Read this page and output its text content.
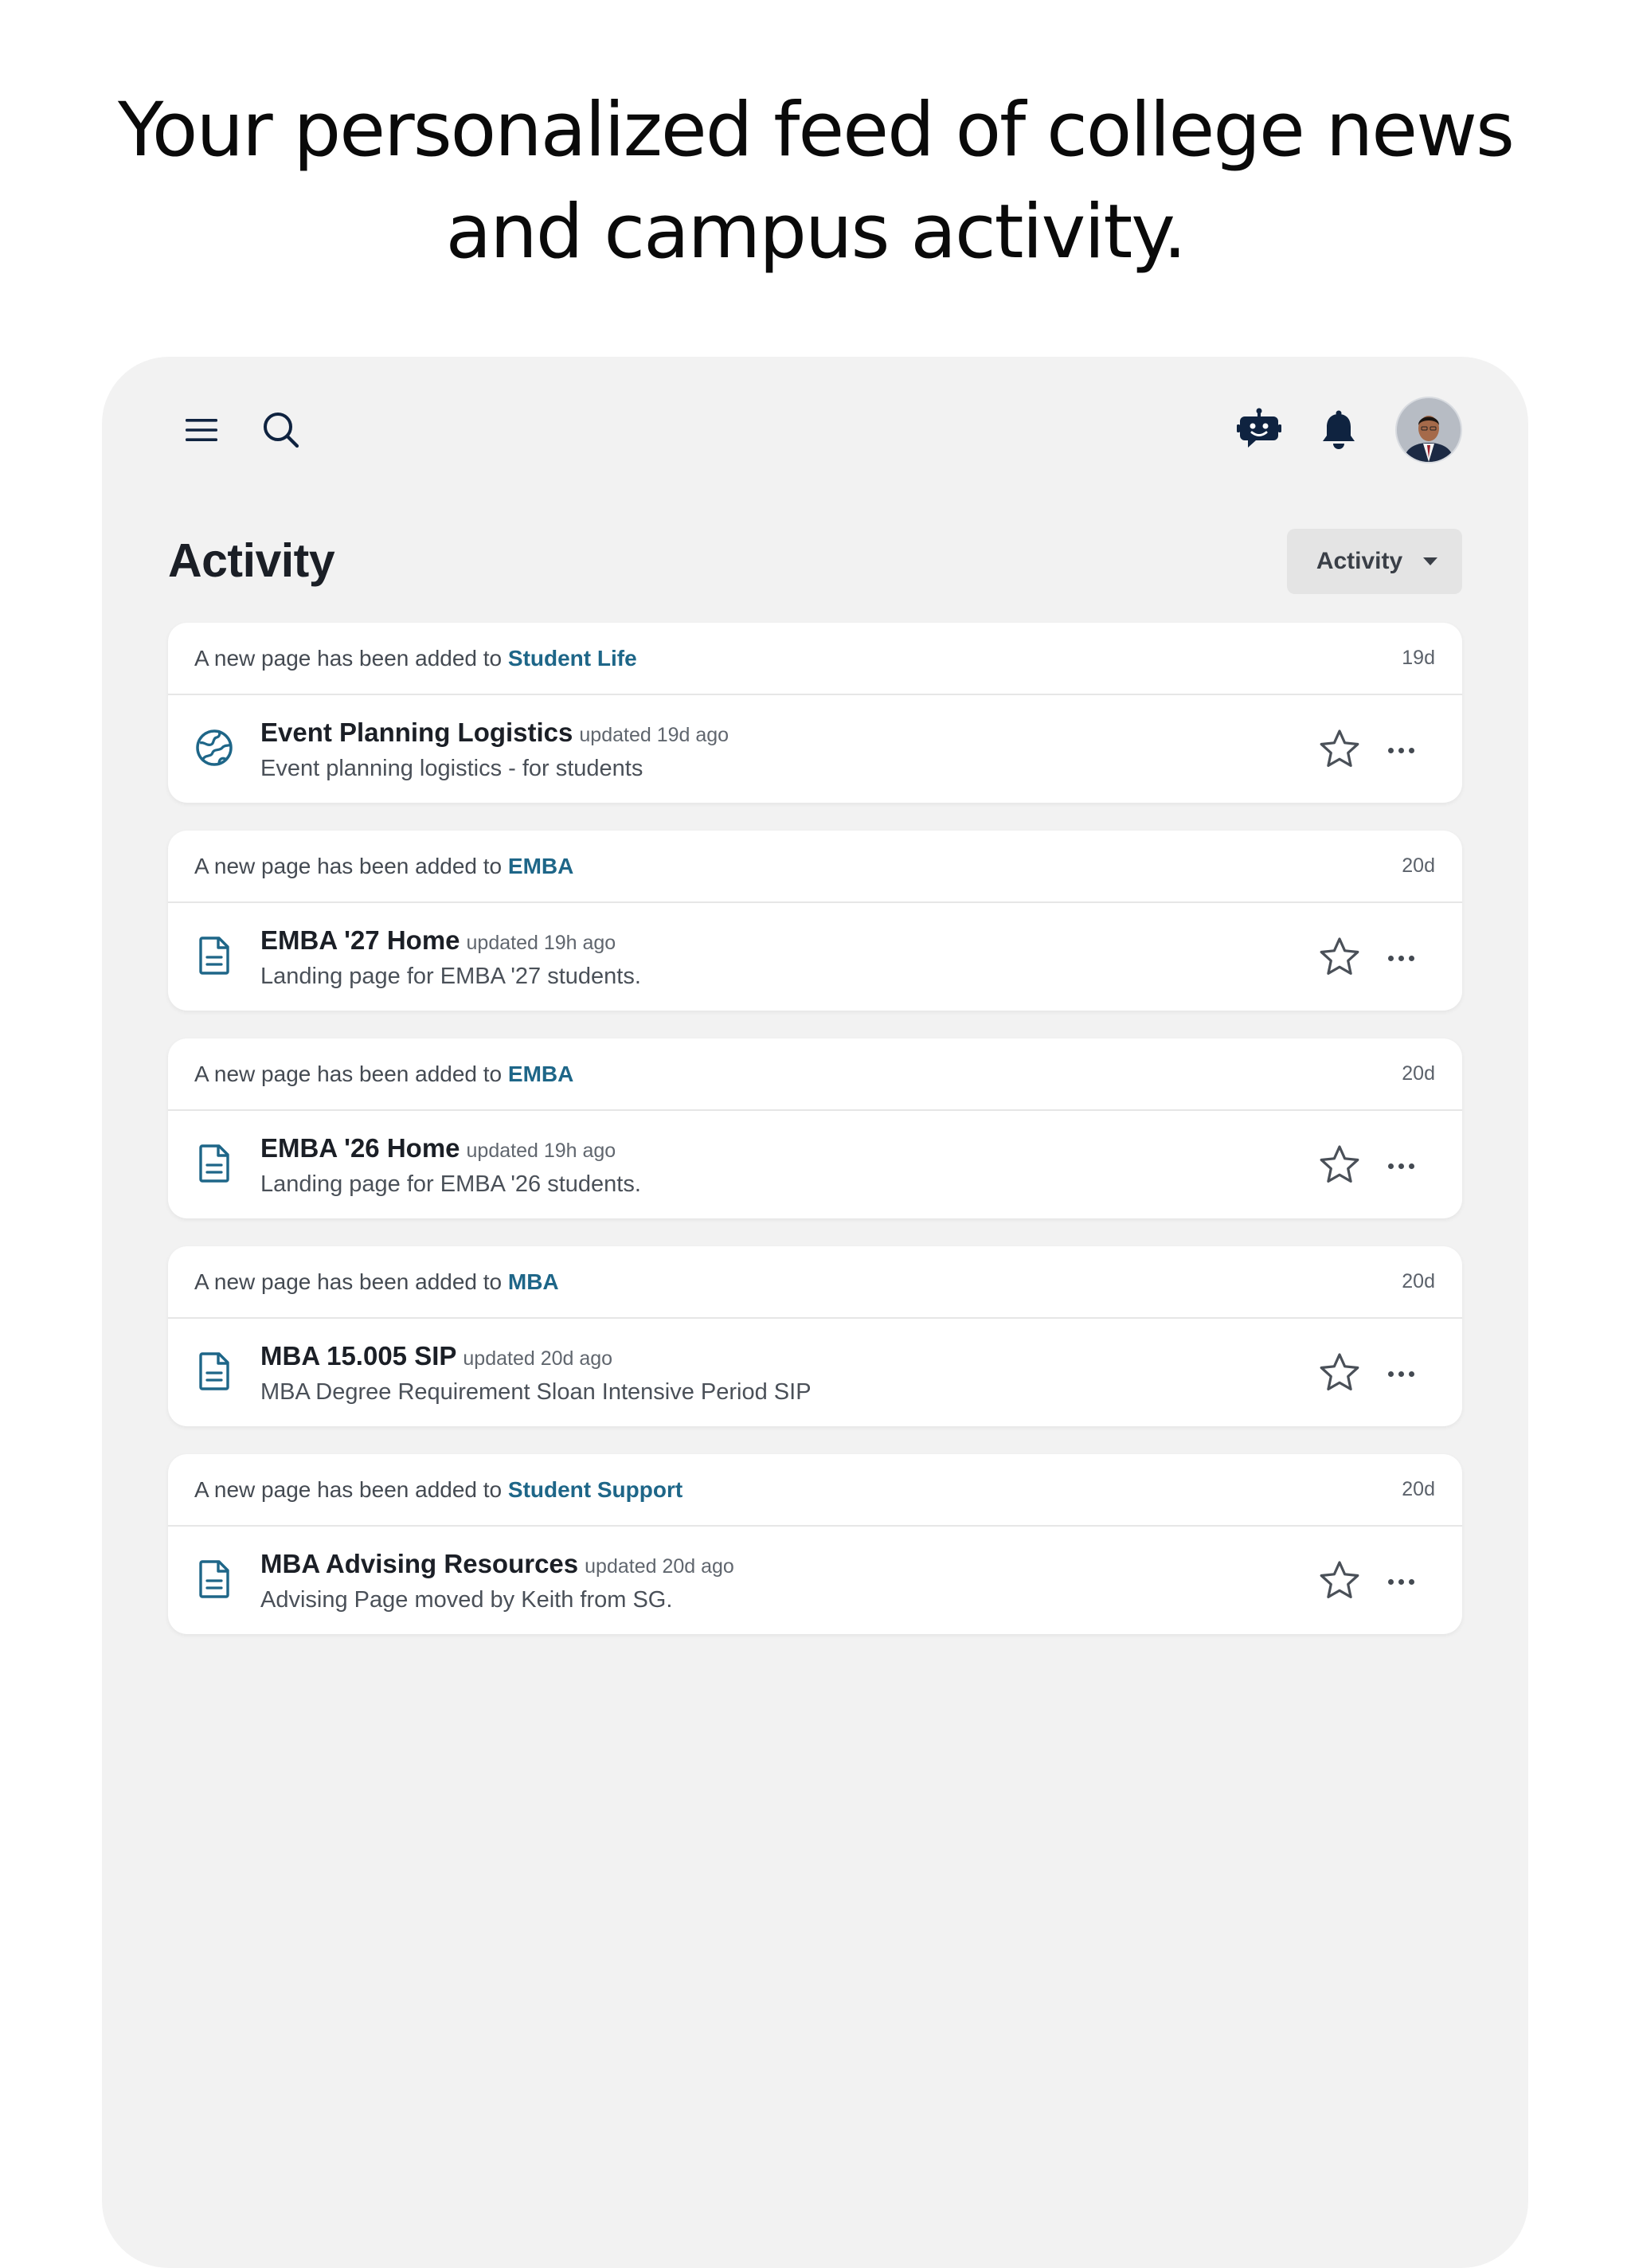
Your personalized feed of college news
and campus activity.
Activity	Activity
A new page has been added to Student Life	19d
Event Planning Logistics updated 19d ago
Event planning logistics - for students
A new page has been added to EMBA	20d
EMBA '27 Home updated 19h ago
Landing page for EMBA '27 students.
A new page has been added to EMBA	20d
EMBA '26 Home updated 19h ago
Landing page for EMBA '26 students.
A new page has been added to MBA	20d
MBA 15.005 SIP updated 20d ago
MBA Degree Requirement Sloan Intensive Period SIP
A new page has been added to Student Support	20d
MBA Advising Resources updated 20d ago
Advising Page moved by Keith from SG.
